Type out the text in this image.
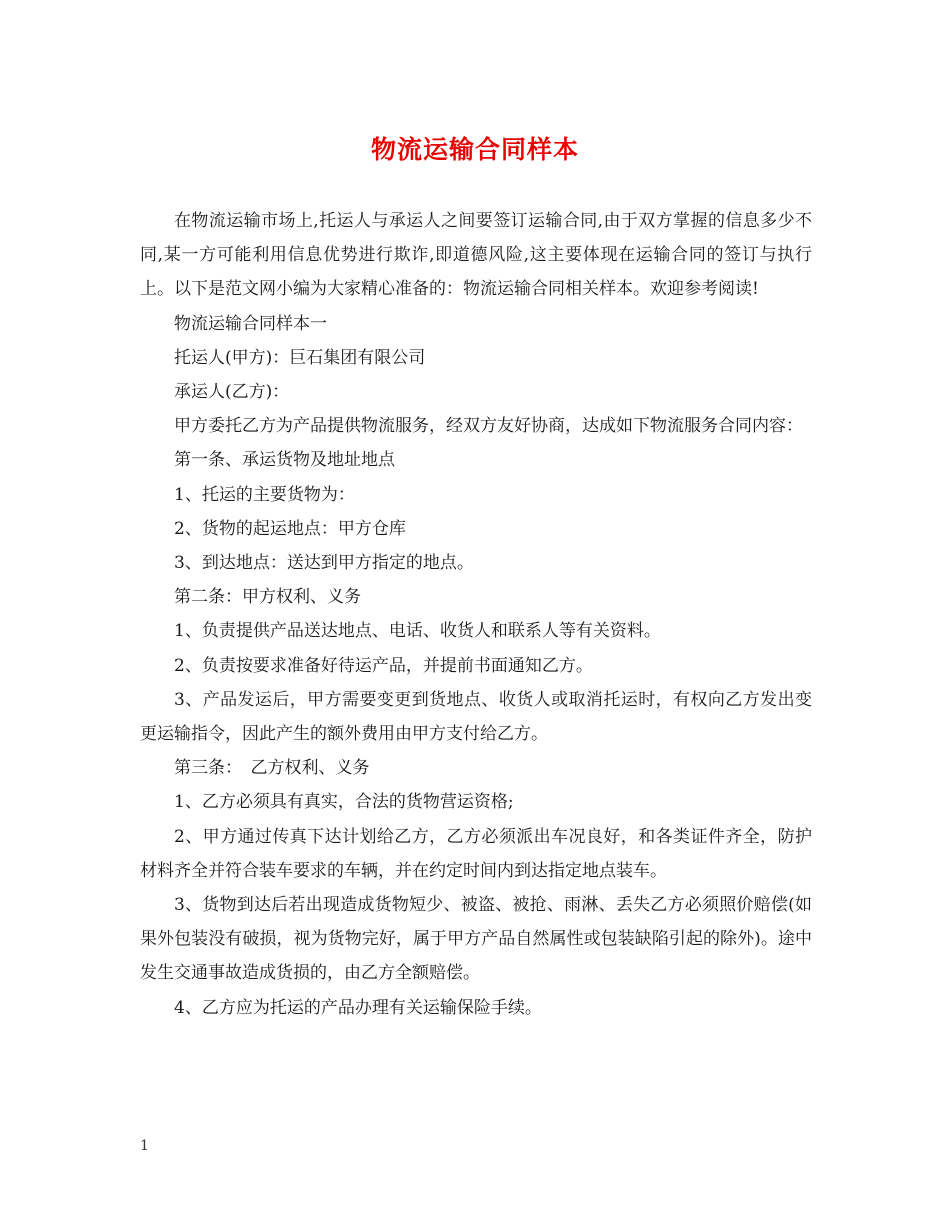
物流运输合同样本

在物流运输市场上,托运人与承运人之间要签订运输合同,由于双方掌握的信息多少不同,某一方可能利用信息优势进行欺诈,即道德风险,这主要体现在运输合同的签订与执行上。以下是范文网小编为大家精心准备的：物流运输合同相关样本。欢迎参考阅读!

物流运输合同样本一

托运人(甲方)：巨石集团有限公司

承运人(乙方)：

甲方委托乙方为产品提供物流服务，经双方友好协商，达成如下物流服务合同内容：

第一条、承运货物及地址地点

1、托运的主要货物为：

2、货物的起运地点：甲方仓库

3、到达地点：送达到甲方指定的地点。

第二条：甲方权利、义务

1、负责提供产品送达地点、电话、收货人和联系人等有关资料。

2、负责按要求准备好待运产品，并提前书面通知乙方。

3、产品发运后，甲方需要变更到货地点、收货人或取消托运时，有权向乙方发出变更运输指令，因此产生的额外费用由甲方支付给乙方。

第三条：　乙方权利、义务

1、乙方必须具有真实，合法的货物营运资格;

2、甲方通过传真下达计划给乙方，乙方必须派出车况良好，和各类证件齐全，防护材料齐全并符合装车要求的车辆，并在约定时间内到达指定地点装车。

3、货物到达后若出现造成货物短少、被盗、被抢、雨淋、丢失乙方必须照价赔偿(如果外包装没有破损，视为货物完好，属于甲方产品自然属性或包装缺陷引起的除外)。途中发生交通事故造成货损的，由乙方全额赔偿。

4、乙方应为托运的产品办理有关运输保险手续。

1
